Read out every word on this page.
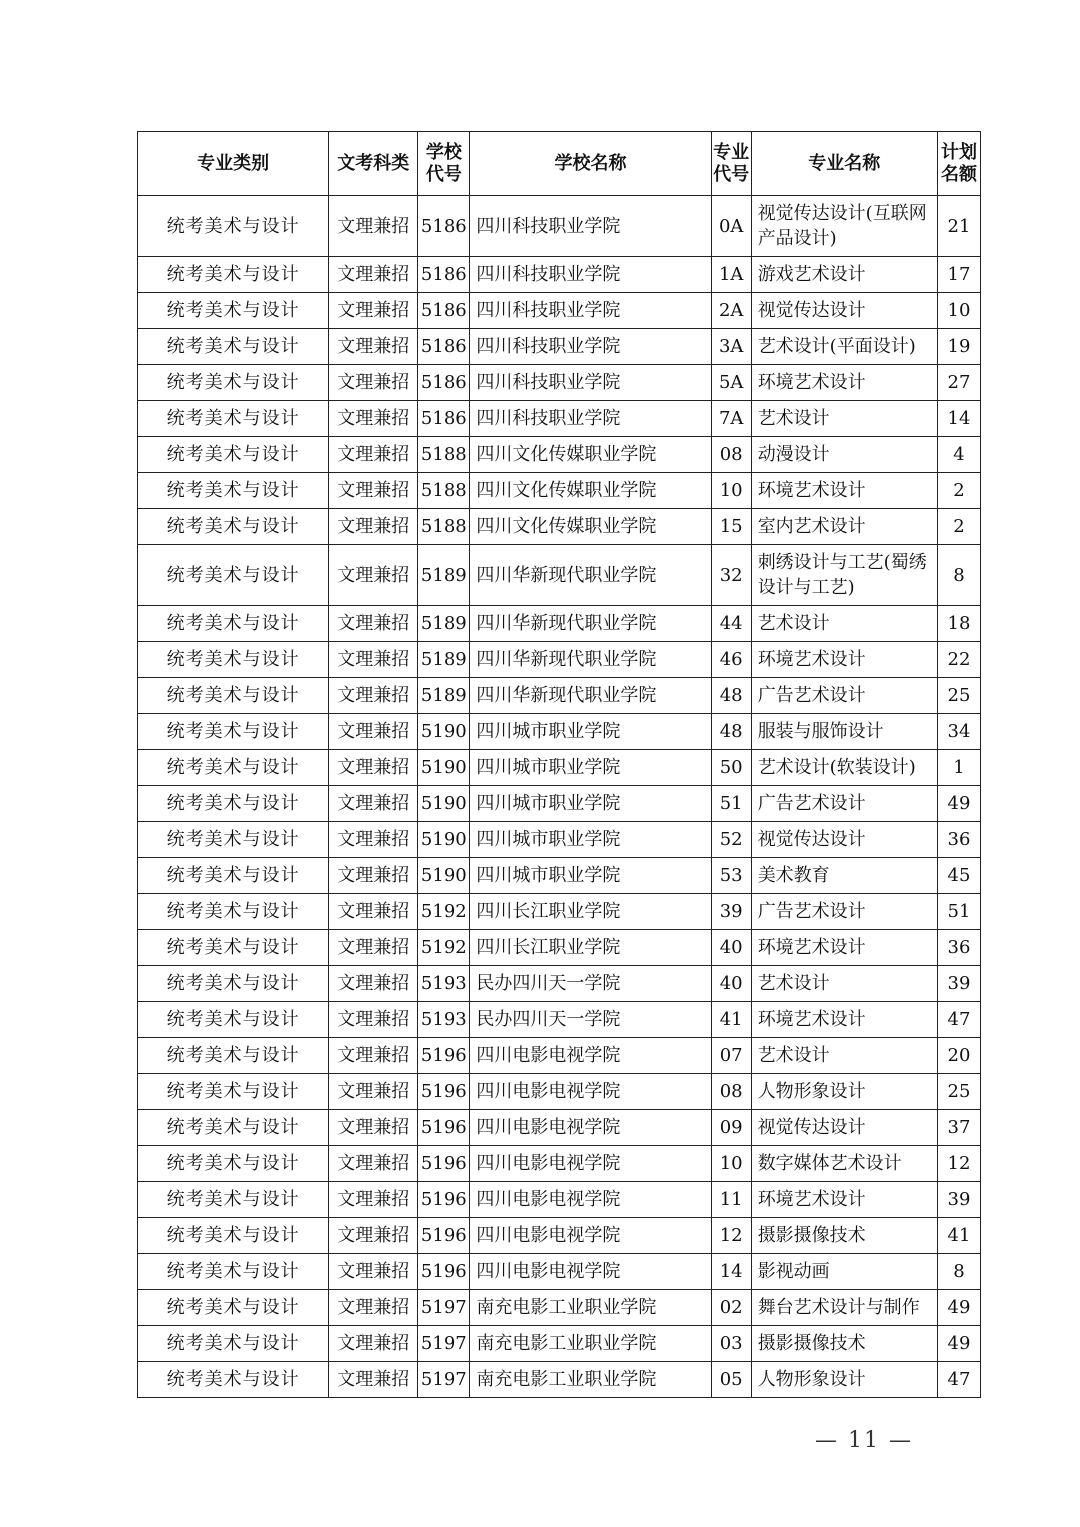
专业类别	文考科类	学校代号	学校名称	专业代号	专业名称	计划名额
统考美术与设计	文理兼招	5186	四川科技职业学院	0A	视觉传达设计(互联网产品设计)	21
统考美术与设计	文理兼招	5186	四川科技职业学院	1A	游戏艺术设计	17
统考美术与设计	文理兼招	5186	四川科技职业学院	2A	视觉传达设计	10
统考美术与设计	文理兼招	5186	四川科技职业学院	3A	艺术设计(平面设计)	19
统考美术与设计	文理兼招	5186	四川科技职业学院	5A	环境艺术设计	27
统考美术与设计	文理兼招	5186	四川科技职业学院	7A	艺术设计	14
统考美术与设计	文理兼招	5188	四川文化传媒职业学院	08	动漫设计	4
统考美术与设计	文理兼招	5188	四川文化传媒职业学院	10	环境艺术设计	2
统考美术与设计	文理兼招	5188	四川文化传媒职业学院	15	室内艺术设计	2
统考美术与设计	文理兼招	5189	四川华新现代职业学院	32	刺绣设计与工艺(蜀绣设计与工艺)	8
统考美术与设计	文理兼招	5189	四川华新现代职业学院	44	艺术设计	18
统考美术与设计	文理兼招	5189	四川华新现代职业学院	46	环境艺术设计	22
统考美术与设计	文理兼招	5189	四川华新现代职业学院	48	广告艺术设计	25
统考美术与设计	文理兼招	5190	四川城市职业学院	48	服装与服饰设计	34
统考美术与设计	文理兼招	5190	四川城市职业学院	50	艺术设计(软装设计)	1
统考美术与设计	文理兼招	5190	四川城市职业学院	51	广告艺术设计	49
统考美术与设计	文理兼招	5190	四川城市职业学院	52	视觉传达设计	36
统考美术与设计	文理兼招	5190	四川城市职业学院	53	美术教育	45
统考美术与设计	文理兼招	5192	四川长江职业学院	39	广告艺术设计	51
统考美术与设计	文理兼招	5192	四川长江职业学院	40	环境艺术设计	36
统考美术与设计	文理兼招	5193	民办四川天一学院	40	艺术设计	39
统考美术与设计	文理兼招	5193	民办四川天一学院	41	环境艺术设计	47
统考美术与设计	文理兼招	5196	四川电影电视学院	07	艺术设计	20
统考美术与设计	文理兼招	5196	四川电影电视学院	08	人物形象设计	25
统考美术与设计	文理兼招	5196	四川电影电视学院	09	视觉传达设计	37
统考美术与设计	文理兼招	5196	四川电影电视学院	10	数字媒体艺术设计	12
统考美术与设计	文理兼招	5196	四川电影电视学院	11	环境艺术设计	39
统考美术与设计	文理兼招	5196	四川电影电视学院	12	摄影摄像技术	41
统考美术与设计	文理兼招	5196	四川电影电视学院	14	影视动画	8
统考美术与设计	文理兼招	5197	南充电影工业职业学院	02	舞台艺术设计与制作	49
统考美术与设计	文理兼招	5197	南充电影工业职业学院	03	摄影摄像技术	49
统考美术与设计	文理兼招	5197	南充电影工业职业学院	05	人物形象设计	47
— 11 —
